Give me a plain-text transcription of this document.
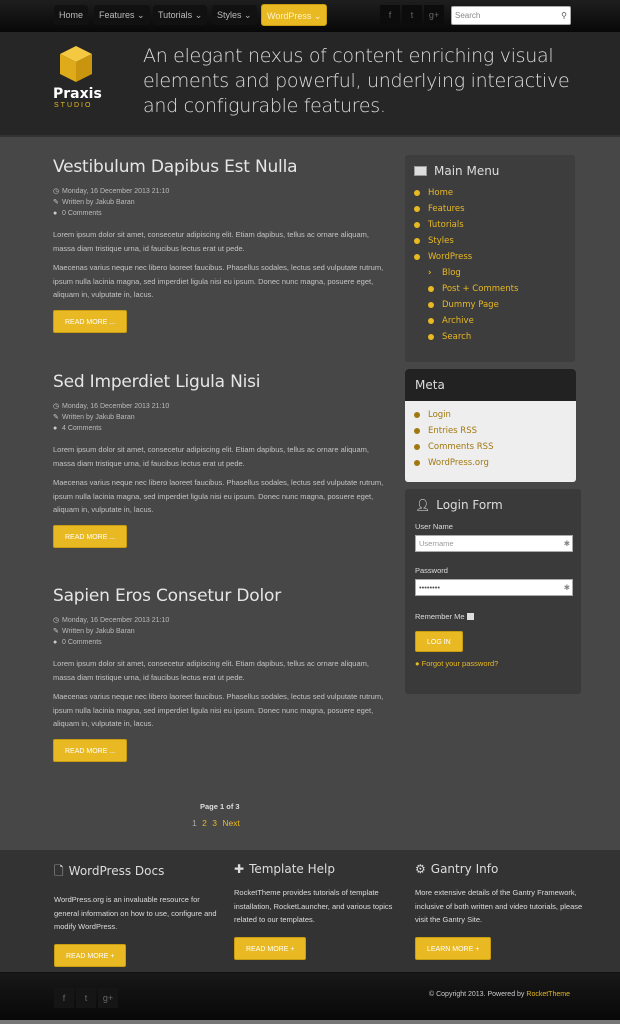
Home	Features ⌄	Tutorials ⌄	Styles ⌄	WordPress ⌄	f	t	g+	Search	⚲
Praxis
STUDIO
An elegant nexus of content enriching visual elements and powerful, underlying interactive and configurable features.
Vestibulum Dapibus Est Nulla
◷ Monday, 16 December 2013 21:10
✎ Written by Jakub Baran
● 0 Comments

Lorem ipsum dolor sit amet, consecetur adipiscing elit. Etiam dapibus, tellus ac ornare aliquam, massa diam tristique urna, id faucibus lectus erat ut pede.

Maecenas varius neque nec libero laoreet faucibus. Phasellus sodales, lectus sed vulputate rutrum, ipsum nulla lacinia magna, sed imperdiet ligula nisi eu ipsum. Donec nunc magna, posuere eget, aliquam in, vulputate in, lacus.

READ MORE ...
Sed Imperdiet Ligula Nisi
◷ Monday, 16 December 2013 21:10
✎ Written by Jakub Baran
● 4 Comments

Lorem ipsum dolor sit amet, consecetur adipiscing elit. Etiam dapibus, tellus ac ornare aliquam, massa diam tristique urna, id faucibus lectus erat ut pede.

Maecenas varius neque nec libero laoreet faucibus. Phasellus sodales, lectus sed vulputate rutrum, ipsum nulla lacinia magna, sed imperdiet ligula nisi eu ipsum. Donec nunc magna, posuere eget, aliquam in, vulputate in, lacus.

READ MORE ...
Sapien Eros Consetur Dolor
◷ Monday, 16 December 2013 21:10
✎ Written by Jakub Baran
● 0 Comments

Lorem ipsum dolor sit amet, consecetur adipiscing elit. Etiam dapibus, tellus ac ornare aliquam, massa diam tristique urna, id faucibus lectus erat ut pede.

Maecenas varius neque nec libero laoreet faucibus. Phasellus sodales, lectus sed vulputate rutrum, ipsum nulla lacinia magna, sed imperdiet ligula nisi eu ipsum. Donec nunc magna, posuere eget, aliquam in, vulputate in, lacus.

READ MORE ...
Page 1 of 3
1 2 3 Next
Main Menu
Home
Features
Tutorials
Styles
WordPress
› Blog
Post + Comments
Dummy Page
Archive
Search
Meta
Login
Entries RSS
Comments RSS
WordPress.org
👤︎ Login Form
User Name
Username	✱
Password
••••••••	✱
Remember Me
LOG IN
● Forgot your password?
🗋 WordPress Docs

WordPress.org is an invaluable resource for general information on how to use, configure and modify WordPress.

READ MORE +
✚ Template Help

RocketTheme provides tutorials of template installation, RocketLauncher, and various topics related to our templates.

READ MORE +
⚙ Gantry Info

More extensive details of the Gantry Framework, inclusive of both written and video tutorials, please visit the Gantry Site.

LEARN MORE +
f	t	g+	© Copyright 2013. Powered by RocketTheme
